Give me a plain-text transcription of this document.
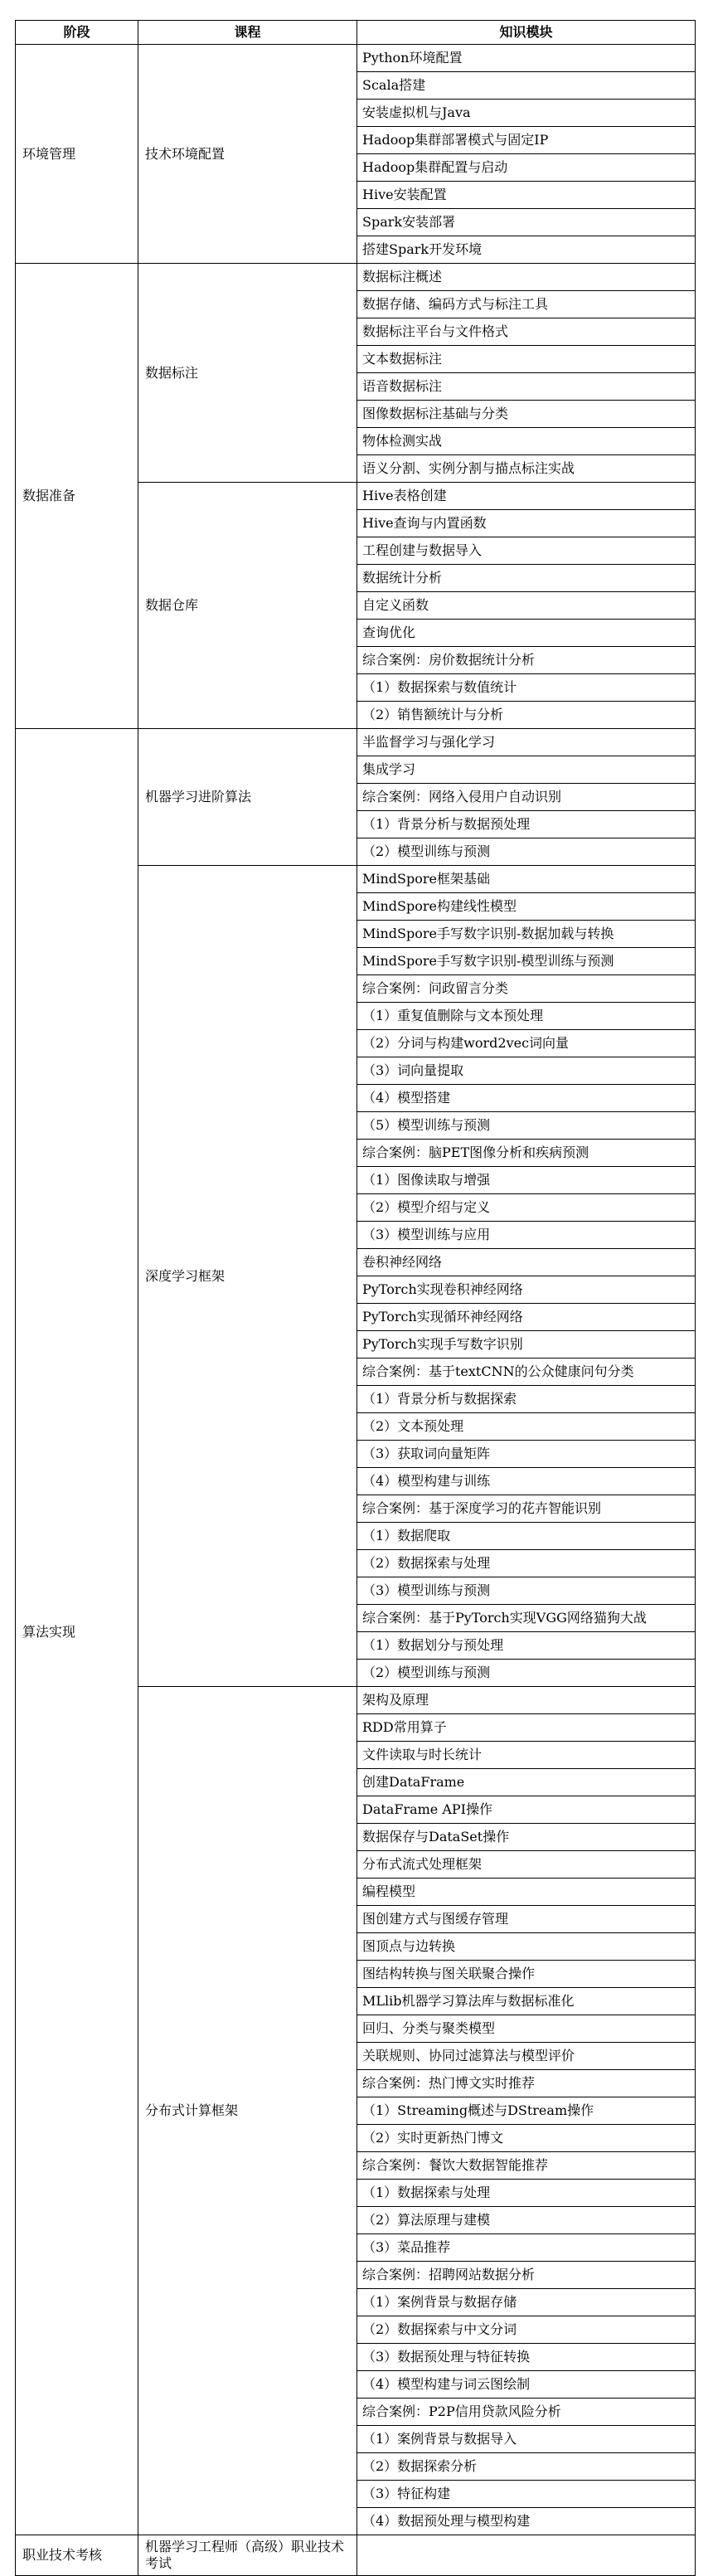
阶段	课程	知识模块
环境管理	技术环境配置	Python环境配置
		Scala搭建
		安装虚拟机与Java
		Hadoop集群部署模式与固定IP
		Hadoop集群配置与启动
		Hive安装配置
		Spark安装部署
		搭建Spark开发环境
数据准备	数据标注	数据标注概述
		数据存储、编码方式与标注工具
		数据标注平台与文件格式
		文本数据标注
		语音数据标注
		图像数据标注基础与分类
		物体检测实战
		语义分割、实例分割与描点标注实战
	数据仓库	Hive表格创建
		Hive查询与内置函数
		工程创建与数据导入
		数据统计分析
		自定义函数
		查询优化
		综合案例：房价数据统计分析
		（1）数据探索与数值统计
		（2）销售额统计与分析
算法实现	机器学习进阶算法	半监督学习与强化学习
		集成学习
		综合案例：网络入侵用户自动识别
		（1）背景分析与数据预处理
		（2）模型训练与预测
	深度学习框架	MindSpore框架基础
		MindSpore构建线性模型
		MindSpore手写数字识别-数据加载与转换
		MindSpore手写数字识别-模型训练与预测
		综合案例：问政留言分类
		（1）重复值删除与文本预处理
		（2）分词与构建word2vec词向量
		（3）词向量提取
		（4）模型搭建
		（5）模型训练与预测
		综合案例：脑PET图像分析和疾病预测
		（1）图像读取与增强
		（2）模型介绍与定义
		（3）模型训练与应用
		卷积神经网络
		PyTorch实现卷积神经网络
		PyTorch实现循环神经网络
		PyTorch实现手写数字识别
		综合案例：基于textCNN的公众健康问句分类
		（1）背景分析与数据探索
		（2）文本预处理
		（3）获取词向量矩阵
		（4）模型构建与训练
		综合案例：基于深度学习的花卉智能识别
		（1）数据爬取
		（2）数据探索与处理
		（3）模型训练与预测
		综合案例：基于PyTorch实现VGG网络猫狗大战
		（1）数据划分与预处理
		（2）模型训练与预测
	分布式计算框架	架构及原理
		RDD常用算子
		文件读取与时长统计
		创建DataFrame
		DataFrame API操作
		数据保存与DataSet操作
		分布式流式处理框架
		编程模型
		图创建方式与图缓存管理
		图顶点与边转换
		图结构转换与图关联聚合操作
		MLlib机器学习算法库与数据标准化
		回归、分类与聚类模型
		关联规则、协同过滤算法与模型评价
		综合案例：热门博文实时推荐
		（1）Streaming概述与DStream操作
		（2）实时更新热门博文
		综合案例：餐饮大数据智能推荐
		（1）数据探索与处理
		（2）算法原理与建模
		（3）菜品推荐
		综合案例：招聘网站数据分析
		（1）案例背景与数据存储
		（2）数据探索与中文分词
		（3）数据预处理与特征转换
		（4）模型构建与词云图绘制
		综合案例：P2P信用贷款风险分析
		（1）案例背景与数据导入
		（2）数据探索分析
		（3）特征构建
		（4）数据预处理与模型构建
职业技术考核	机器学习工程师（高级）职业技术考试	
